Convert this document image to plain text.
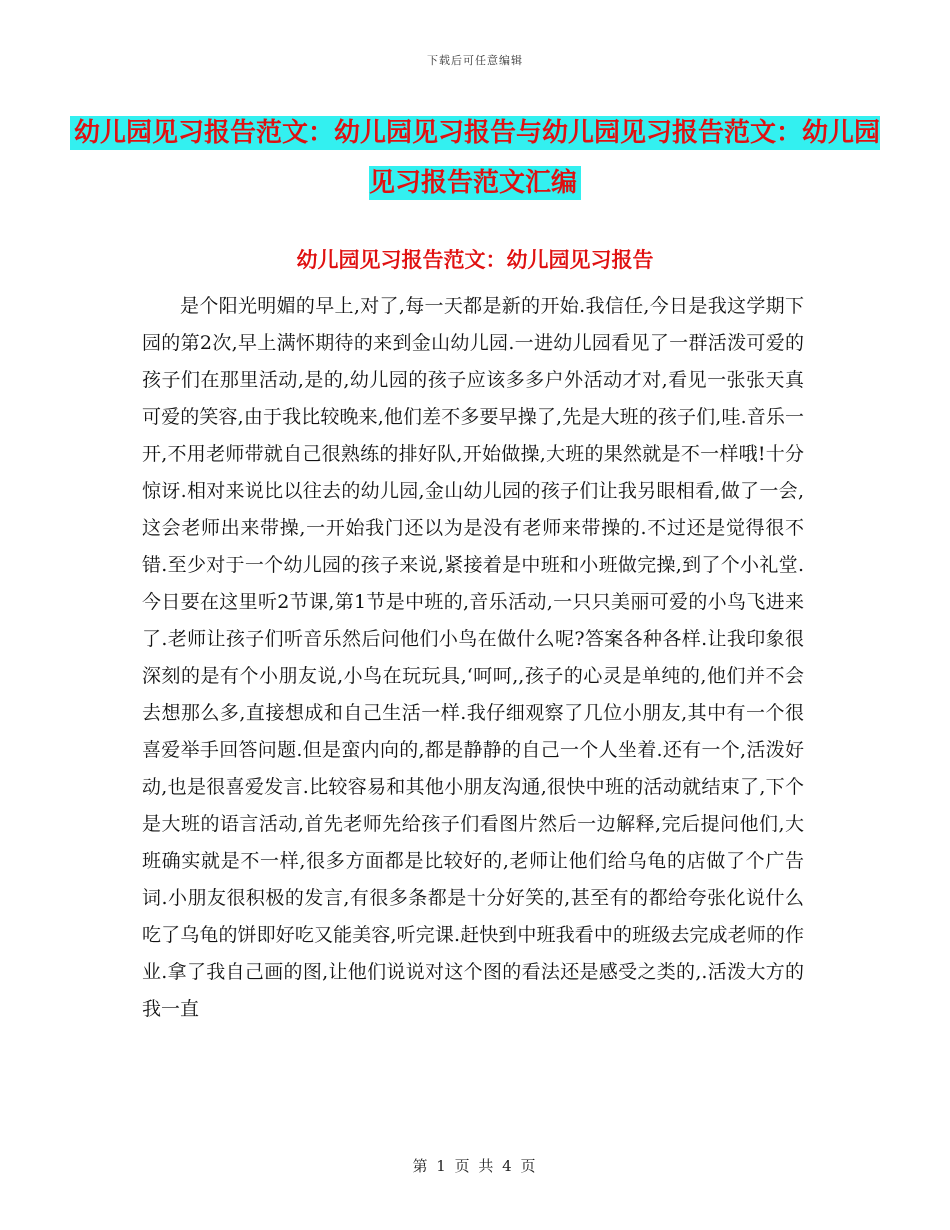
下载后可任意编辑
幼儿园见习报告范文：幼儿园见习报告与幼儿园见习报告范文：幼儿园见习报告范文汇编
幼儿园见习报告范文：幼儿园见习报告

是个阳光明媚的早上,对了,每一天都是新的开始.我信任,今日是我这学期下园的第2次,早上满怀期待的来到金山幼儿园.一进幼儿园看见了一群活泼可爱的孩子们在那里活动,是的,幼儿园的孩子应该多多户外活动才对,看见一张张天真可爱的笑容,由于我比较晚来,他们差不多要早操了,先是大班的孩子们,哇.音乐一开,不用老师带就自己很熟练的排好队,开始做操,大班的果然就是不一样哦!十分惊讶.相对来说比以往去的幼儿园,金山幼儿园的孩子们让我另眼相看,做了一会,这会老师出来带操,一开始我门还以为是没有老师来带操的.不过还是觉得很不错.至少对于一个幼儿园的孩子来说,紧接着是中班和小班做完操,到了个小礼堂.今日要在这里听2节课,第1节是中班的,音乐活动,一只只美丽可爱的小鸟飞进来了.老师让孩子们听音乐然后问他们小鸟在做什么呢?答案各种各样.让我印象很深刻的是有个小朋友说,小鸟在玩玩具,‘呵呵,,孩子的心灵是单纯的,他们并不会去想那么多,直接想成和自己生活一样.我仔细观察了几位小朋友,其中有一个很喜爱举手回答问题.但是蛮内向的,都是静静的自己一个人坐着.还有一个,活泼好动,也是很喜爱发言.比较容易和其他小朋友沟通,很快中班的活动就结束了,下个是大班的语言活动,首先老师先给孩子们看图片然后一边解释,完后提问他们,大班确实就是不一样,很多方面都是比较好的,老师让他们给乌龟的店做了个广告词.小朋友很积极的发言,有很多条都是十分好笑的,甚至有的都给夸张化说什么吃了乌龟的饼即好吃又能美容,听完课.赶快到中班我看中的班级去完成老师的作业.拿了我自己画的图,让他们说说对这个图的看法还是感受之类的,.活泼大方的我一直

第 1 页 共 4 页
